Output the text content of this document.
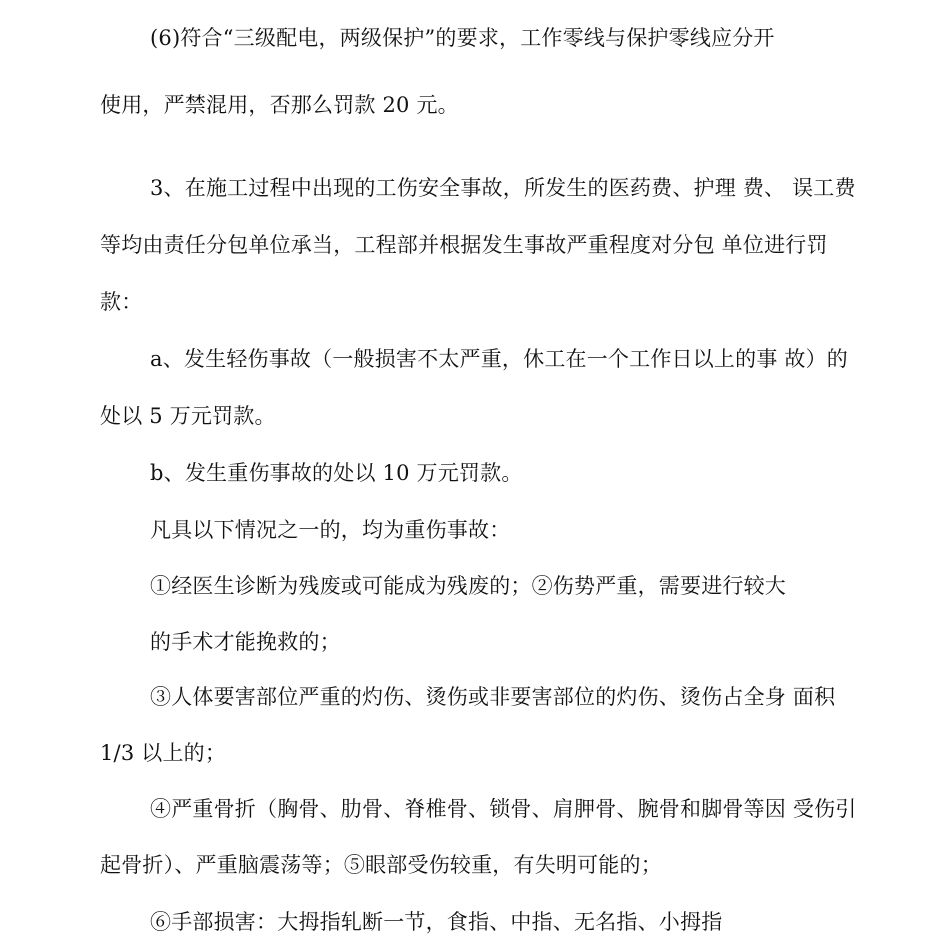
(6)符合“三级配电，两级保护”的要求，工作零线与保护零线应分开
使用，严禁混用，否那么罚款 20 元。
3、在施工过程中出现的工伤安全事故，所发生的医药费、护理 费、 误工费
等均由责任分包单位承当，工程部并根据发生事故严重程度对分包 单位进行罚
款：
a、发生轻伤事故（一般损害不太严重，休工在一个工作日以上的事 故）的
处以 5 万元罚款。
b、发生重伤事故的处以 10 万元罚款。
凡具以下情况之一的，均为重伤事故：
①经医生诊断为残废或可能成为残废的；②伤势严重，需要进行较大
的手术才能挽救的；
③人体要害部位严重的灼伤、烫伤或非要害部位的灼伤、烫伤占全身 面积
1/3 以上的；
④严重骨折（胸骨、肋骨、脊椎骨、锁骨、肩胛骨、腕骨和脚骨等因 受伤引
起骨折）、严重脑震荡等；⑤眼部受伤较重，有失明可能的；
⑥手部损害：大拇指轧断一节，食指、中指、无名指、小拇指
